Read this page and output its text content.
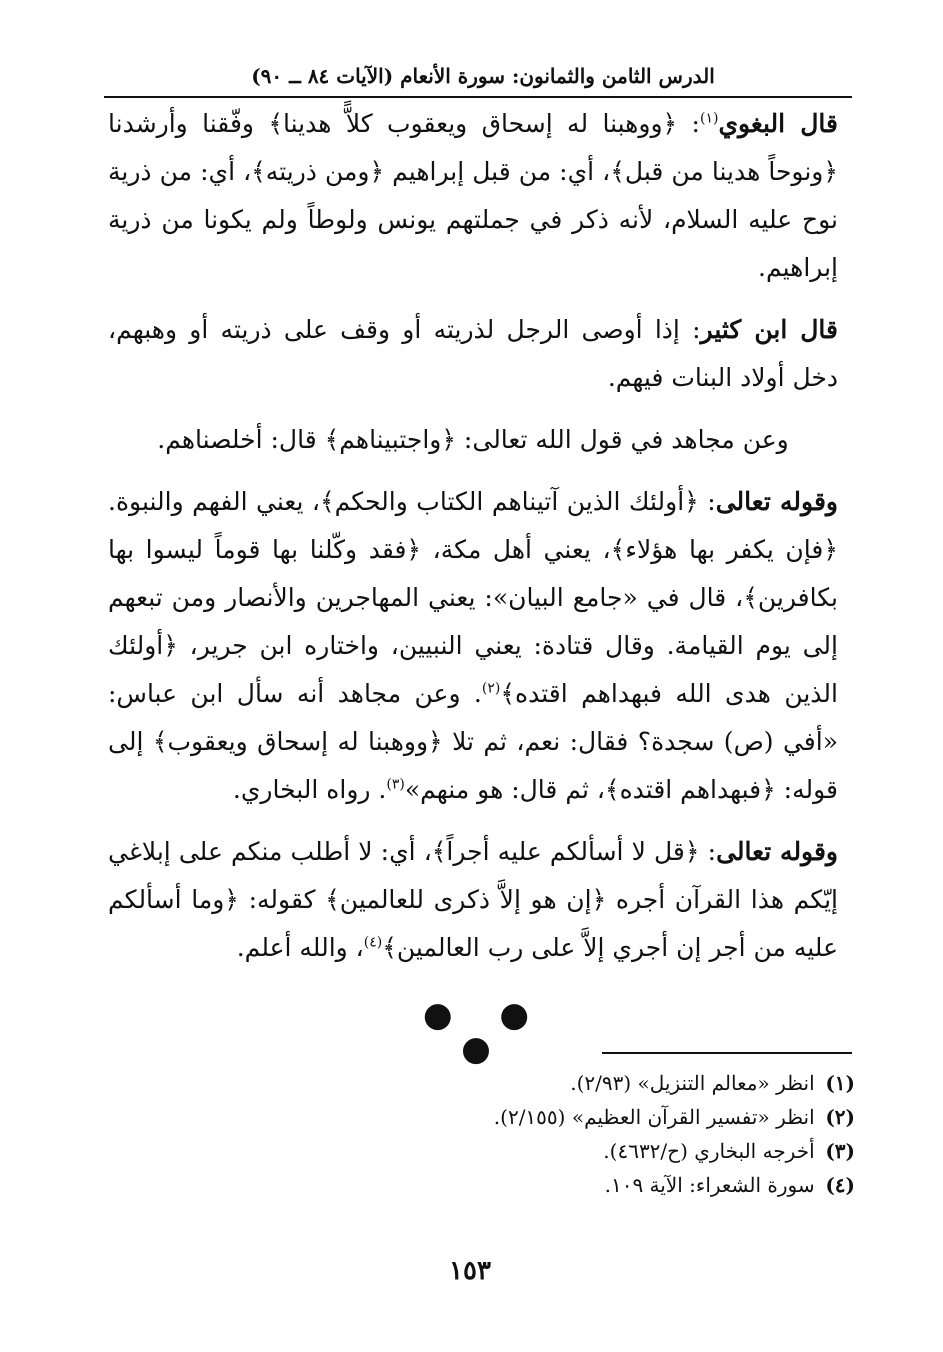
الدرس الثامن والثمانون: سورة الأنعام (الآيات ٨٤ ــ ٩٠)

قال البغوي$^{(١)}$: ﴿ووهبنا له إسحاق ويعقوب كلاًّ هدينا﴾ وفّقنا وأرشدنا ﴿ونوحاً هدينا من قبل﴾، أي: من قبل إبراهيم ﴿ومن ذريته﴾، أي: من ذرية نوح عليه السلام، لأنه ذكر في جملتهم يونس ولوطاً ولم يكونا من ذرية إبراهيم.

قال ابن كثير: إذا أوصى الرجل لذريته أو وقف على ذريته أو وهبهم، دخل أولاد البنات فيهم.

وعن مجاهد في قول الله تعالى: ﴿واجتبيناهم﴾ قال: أخلصناهم.

وقوله تعالى: ﴿أولئك الذين آتيناهم الكتاب والحكم﴾، يعني الفهم والنبوة. ﴿فإن يكفر بها هؤلاء﴾، يعني أهل مكة، ﴿فقد وكّلنا بها قوماً ليسوا بها بكافرين﴾، قال في «جامع البيان»: يعني المهاجرين والأنصار ومن تبعهم إلى يوم القيامة. وقال قتادة: يعني النبيين، واختاره ابن جرير، ﴿أولئك الذين هدى الله فبهداهم اقتده﴾$^{(٢)}$. وعن مجاهد أنه سأل ابن عباس: «أفي (ص) سجدة؟ فقال: نعم، ثم تلا ﴿ووهبنا له إسحاق ويعقوب﴾ إلى قوله: ﴿فبهداهم اقتده﴾، ثم قال: هو منهم»$^{(٣)}$. رواه البخاري.

وقوله تعالى: ﴿قل لا أسألكم عليه أجراً﴾، أي: لا أطلب منكم على إبلاغي إيّكم هذا القرآن أجره ﴿إن هو إلاَّ ذكرى للعالمين﴾ كقوله: ﴿وما أسألكم عليه من أجر إن أجري إلاَّ على رب العالمين﴾$^{(٤)}$، والله أعلم.

● ● ●

(١) انظر «معالم التنزيل» (٢/٩٣).

(٢) انظر «تفسير القرآن العظيم» (٢/١٥٥).

(٣) أخرجه البخاري (ح/٤٦٣٢).

(٤) سورة الشعراء: الآية ١٠٩.

١٥٣
